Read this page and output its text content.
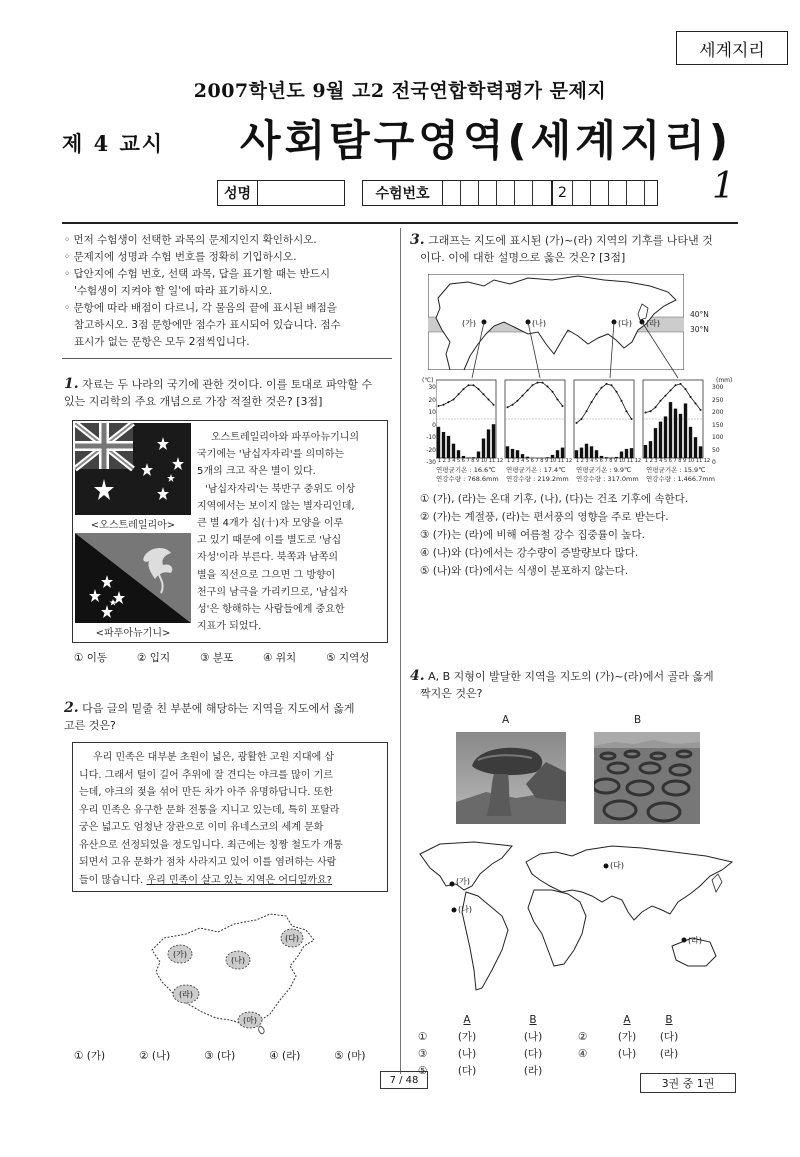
세계지리
2007학년도 9월 고2 전국연합학력평가 문제지
제 4 교시 사회탐구영역(세계지리)
성명	수험번호	2	1
◦ 먼저 수험생이 선택한 과목의 문제지인지 확인하시오.
◦ 문제지에 성명과 수험 번호를 정확히 기입하시오.
◦ 답안지에 수험 번호, 선택 과목, 답을 표기할 때는 반드시
'수험생이 지켜야 할 일'에 따라 표기하시오.
◦ 문항에 따라 배점이 다르니, 각 물음의 끝에 표시된 배점을
참고하시오. 3점 문항에만 점수가 표시되어 있습니다. 점수
표시가 없는 문항은 모두 2점씩입니다.
1. 자료는 두 나라의 국기에 관한 것이다. 이를 토대로 파악할 수
있는 지리학의 주요 개념으로 가장 적절한 것은? [3점]
<오스트레일리아>
<파푸아뉴기니>
오스트레일리아와 파푸아뉴기니의
국기에는 '남십자자리'를 의미하는
5개의 크고 작은 별이 있다.
'남십자자리'는 북반구 중위도 이상
지역에서는 보이지 않는 별자리인데,
큰 별 4개가 십(十)자 모양을 이루
고 있기 때문에 이를 별도로 '남십
자성'이라 부른다. 북쪽과 남쪽의
별을 직선으로 그으면 그 방향이
천구의 남극을 가리키므로, '남십자
성'은 항해하는 사람들에게 중요한
지표가 되었다.
① 이동	② 입지	③ 분포	④ 위치	⑤ 지역성
2. 다음 글의 밑줄 친 부분에 해당하는 지역을 지도에서 옳게
고른 것은?
우리 민족은 대부분 초원이 넓은, 광활한 고원 지대에 삽
니다. 그래서 털이 길어 추위에 잘 견디는 야크를 많이 기르
는데, 야크의 젖을 섞어 만든 차가 아주 유명하답니다. 또한
우리 민족은 유구한 문화 전통을 지니고 있는데, 특히 포탈라
궁은 넓고도 엄청난 장관으로 이미 유네스코의 세계 문화
유산으로 선정되었을 정도입니다. 최근에는 칭짱 철도가 개통
되면서 고유 문화가 점차 사라지고 있어 이를 염려하는 사람
들이 많습니다. 우리 민족이 살고 있는 지역은 어디일까요?
(가)
(나)
(다)
(라)
(마)
① (가)	② (나)	③ (다)	④ (라)	⑤ (마)
3. 그래프는 지도에 표시된 (가)~(라) 지역의 기후를 나타낸 것
이다. 이에 대한 설명으로 옳은 것은? [3점]
(가)	(나)	(다) (라)
40°N
30°N
(℃)	(mm)
30
20
10
0
-10
-20
-30
300
250
200
150
100
50
0
1 2 3 4 5 6 7 8 9 10 11 12 1 2 3 4 5 6 7 8 9 10 11 12 1 2 3 4 5 6 7 8 9 10 11 12 1 2 3 4 5 6 7 8 9 10 11 12
연평균기온 : 16.6℃
연강수량 : 768.6mm
연평균기온 : 17.4℃
연강수량 : 219.2mm
연평균기온 : 9.9℃
연강수량 : 317.0mm
연평균기온 : 15.9℃
연강수량 : 1,466.7mm
① (가), (라)는 온대 기후, (나), (다)는 건조 기후에 속한다.
② (가)는 계절풍, (라)는 편서풍의 영향을 주로 받는다.
③ (가)는 (라)에 비해 여름철 강수 집중률이 높다.
④ (나)와 (다)에서는 강수량이 증발량보다 많다.
⑤ (나)와 (다)에서는 식생이 분포하지 않는다.
4. A, B 지형이 발달한 지역을 지도의 (가)~(라)에서 골라 옳게
짝지은 것은?
A	B
(가)
(나)
(다)
(라)
A	B	A	B
①	(가)	(나)	②	(가)	(다)
③	(나)	(다)	④	(나)	(라)
⑤	(다)	(라)
7 / 48	3권 중 1권
